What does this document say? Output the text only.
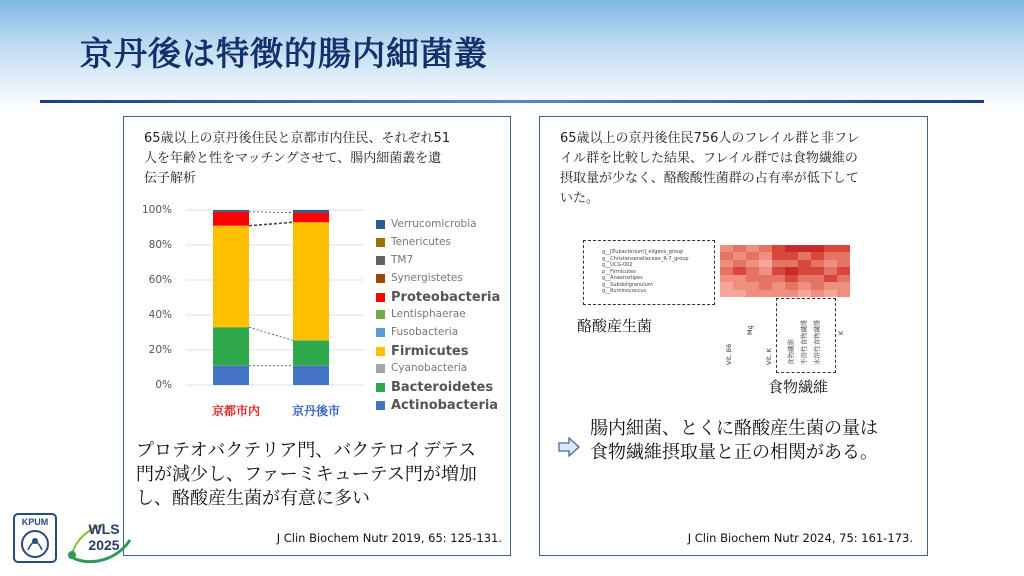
京丹後は特徴的腸内細菌叢
65歳以上の京丹後住民と京都市内住民、それぞれ51
人を年齢と性をマッチングさせて、腸内細菌叢を遺
伝子解析
100%
80%
60%
40%
20%
0%
京都市内	京丹後市
Verrucomicrobia
Tenericutes
TM7
Synergistetes
Proteobacteria
Lentisphaerae
Fusobacteria
Firmicutes
Cyanobacteria
Bacteroidetes
Actinobacteria
プロテオバクテリア門、バクテロイデテス
門が減少し、ファーミキューテス門が増加
し、酪酸産生菌が有意に多い
J Clin Biochem Nutr 2019, 65: 125-131.
65歳以上の京丹後住民756人のフレイル群と非フレ
イル群を比較した結果、フレイル群では食物繊維の
摂取量が少なく、酪酸酸性菌群の占有率が低下して
いた。
g__[Eubacterium]_eligens_group
g__Christensenellaceae_R-7_group
g__UCG-002
p__Firmicutes
g__Anaerostipes
g__Subdoligranulum
g__Ruminococcus
Vit. B6
Mg
Vit. K 食物繊維 不溶性食物繊維 水溶性食物繊維 K
酪酸産生菌
食物繊維
腸内細菌、とくに酪酸産生菌の量は
食物繊維摂取量と正の相関がある。
J Clin Biochem Nutr 2024, 75: 161-173.
KPUM	WLS
2025
